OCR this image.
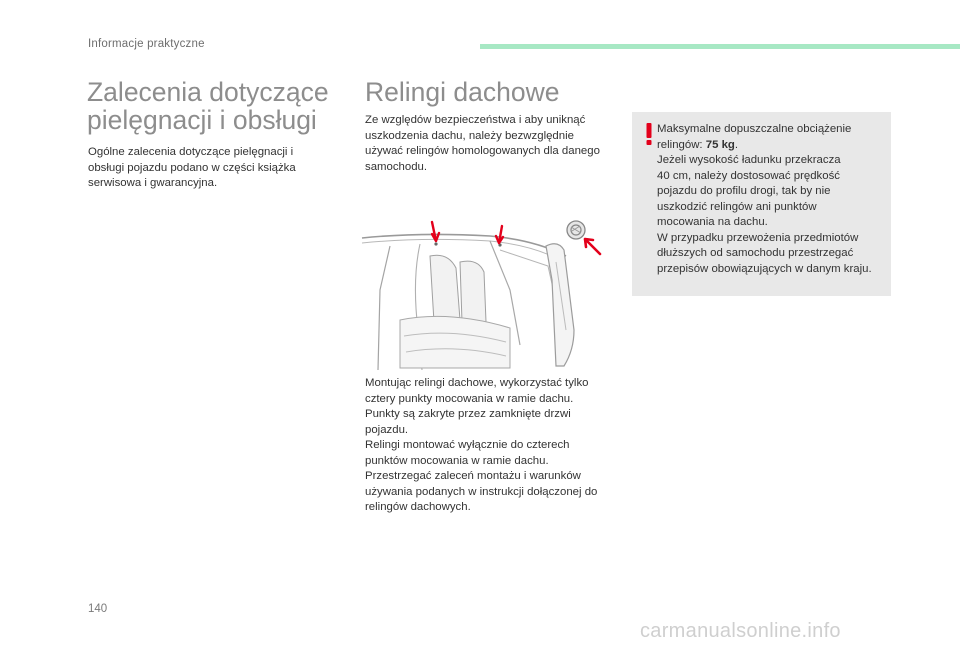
Informacje praktyczne
Zalecenia dotyczące
pielęgnacji i obsługi

Ogólne zalecenia dotyczące pielęgnacji i
obsługi pojazdu podano w części książka
serwisowa i gwarancyjna.

Relingi dachowe

Ze względów bezpieczeństwa i aby uniknąć
uszkodzenia dachu, należy bezwzględnie
używać relingów homologowanych dla danego
samochodu.

Montując relingi dachowe, wykorzystać tylko
cztery punkty mocowania w ramie dachu.
Punkty są zakryte przez zamknięte drzwi
pojazdu.
Relingi montować wyłącznie do czterech
punktów mocowania w ramie dachu.
Przestrzegać zaleceń montażu i warunków
używania podanych w instrukcji dołączonej do
relingów dachowych.

Maksymalne dopuszczalne obciążenie
relingów: 75 kg.
Jeżeli wysokość ładunku przekracza
40 cm, należy dostosować prędkość
pojazdu do profilu drogi, tak by nie
uszkodzić relingów ani punktów
mocowania na dachu.
W przypadku przewożenia przedmiotów
dłuższych od samochodu przestrzegać
przepisów obowiązujących w danym kraju.

140
carmanualsonline.info
